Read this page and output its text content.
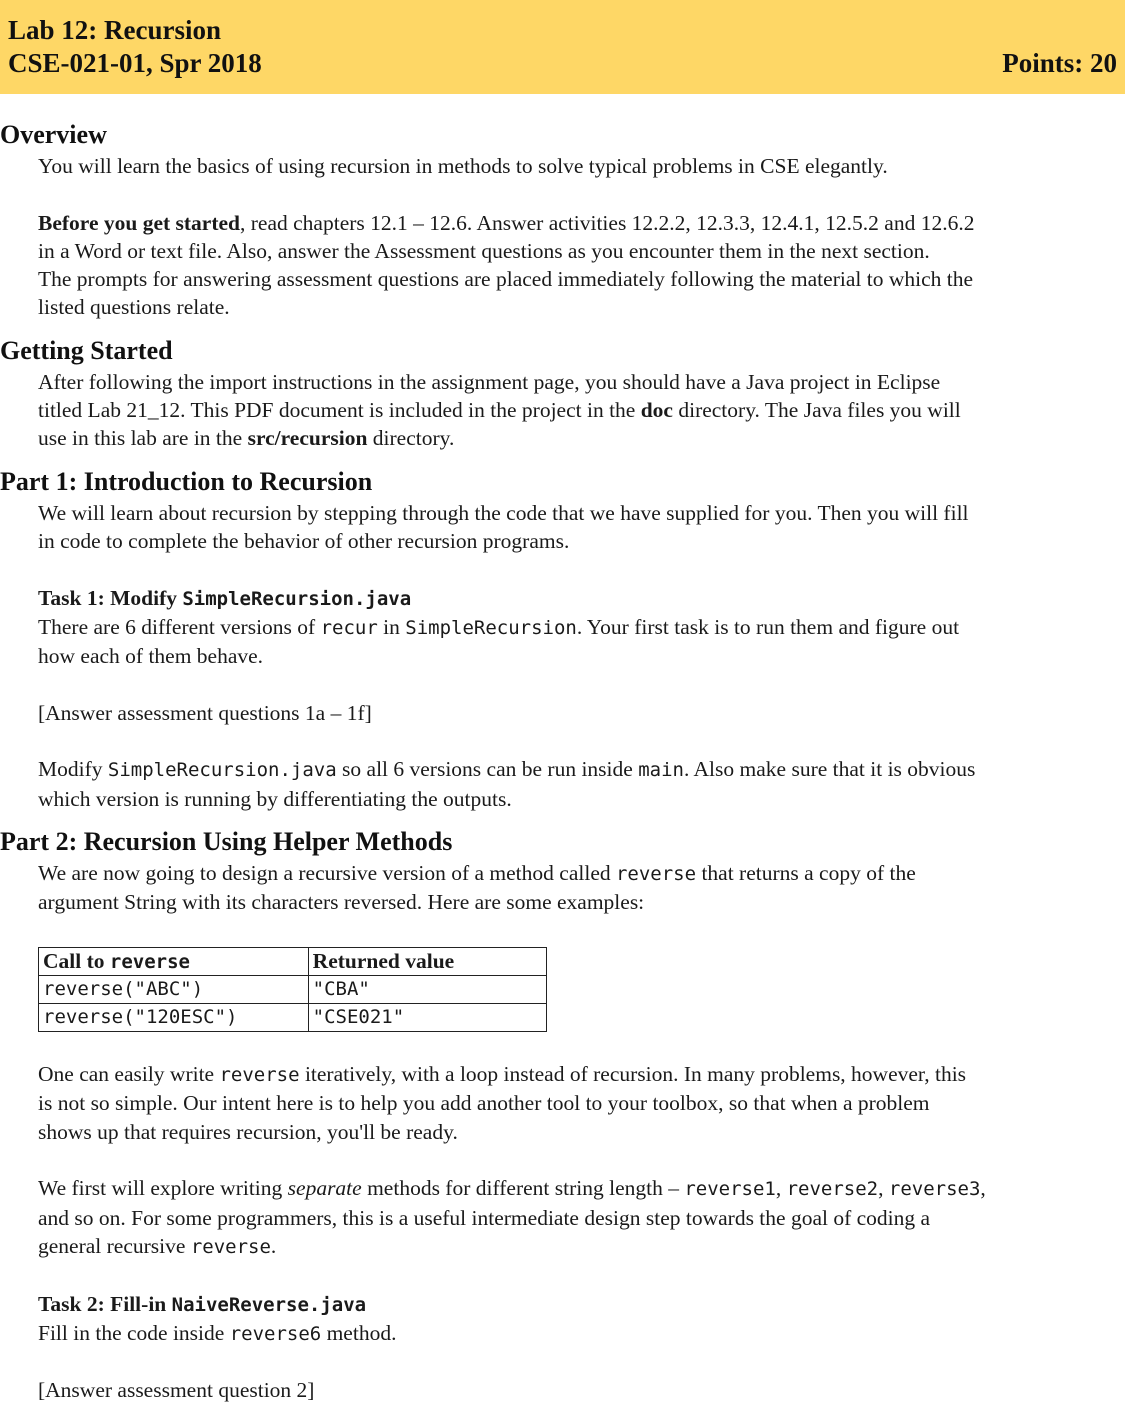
Lab 12: Recursion
CSE-021-01, Spr 2018	Points: 20
Overview
You will learn the basics of using recursion in methods to solve typical problems in CSE elegantly.
Before you get started, read chapters 12.1 – 12.6. Answer activities 12.2.2, 12.3.3, 12.4.1, 12.5.2 and 12.6.2
in a Word or text file. Also, answer the Assessment questions as you encounter them in the next section.
The prompts for answering assessment questions are placed immediately following the material to which the
listed questions relate.
Getting Started
After following the import instructions in the assignment page, you should have a Java project in Eclipse
titled Lab 21_12. This PDF document is included in the project in the doc directory. The Java files you will
use in this lab are in the src/recursion directory.
Part 1: Introduction to Recursion
We will learn about recursion by stepping through the code that we have supplied for you. Then you will fill
in code to complete the behavior of other recursion programs.
Task 1: Modify SimpleRecursion.java
There are 6 different versions of recur in SimpleRecursion. Your first task is to run them and figure out
how each of them behave.
[Answer assessment questions 1a – 1f]
Modify SimpleRecursion.java so all 6 versions can be run inside main. Also make sure that it is obvious
which version is running by differentiating the outputs.
Part 2: Recursion Using Helper Methods
We are now going to design a recursive version of a method called reverse that returns a copy of the
argument String with its characters reversed. Here are some examples:
Call to reverse	Returned value
reverse("ABC")	"CBA"
reverse("120ESC")	"CSE021"
One can easily write reverse iteratively, with a loop instead of recursion. In many problems, however, this
is not so simple. Our intent here is to help you add another tool to your toolbox, so that when a problem
shows up that requires recursion, you'll be ready.
We first will explore writing separate methods for different string length – reverse1, reverse2, reverse3,
and so on. For some programmers, this is a useful intermediate design step towards the goal of coding a
general recursive reverse.
Task 2: Fill-in NaiveReverse.java
Fill in the code inside reverse6 method.
[Answer assessment question 2]
